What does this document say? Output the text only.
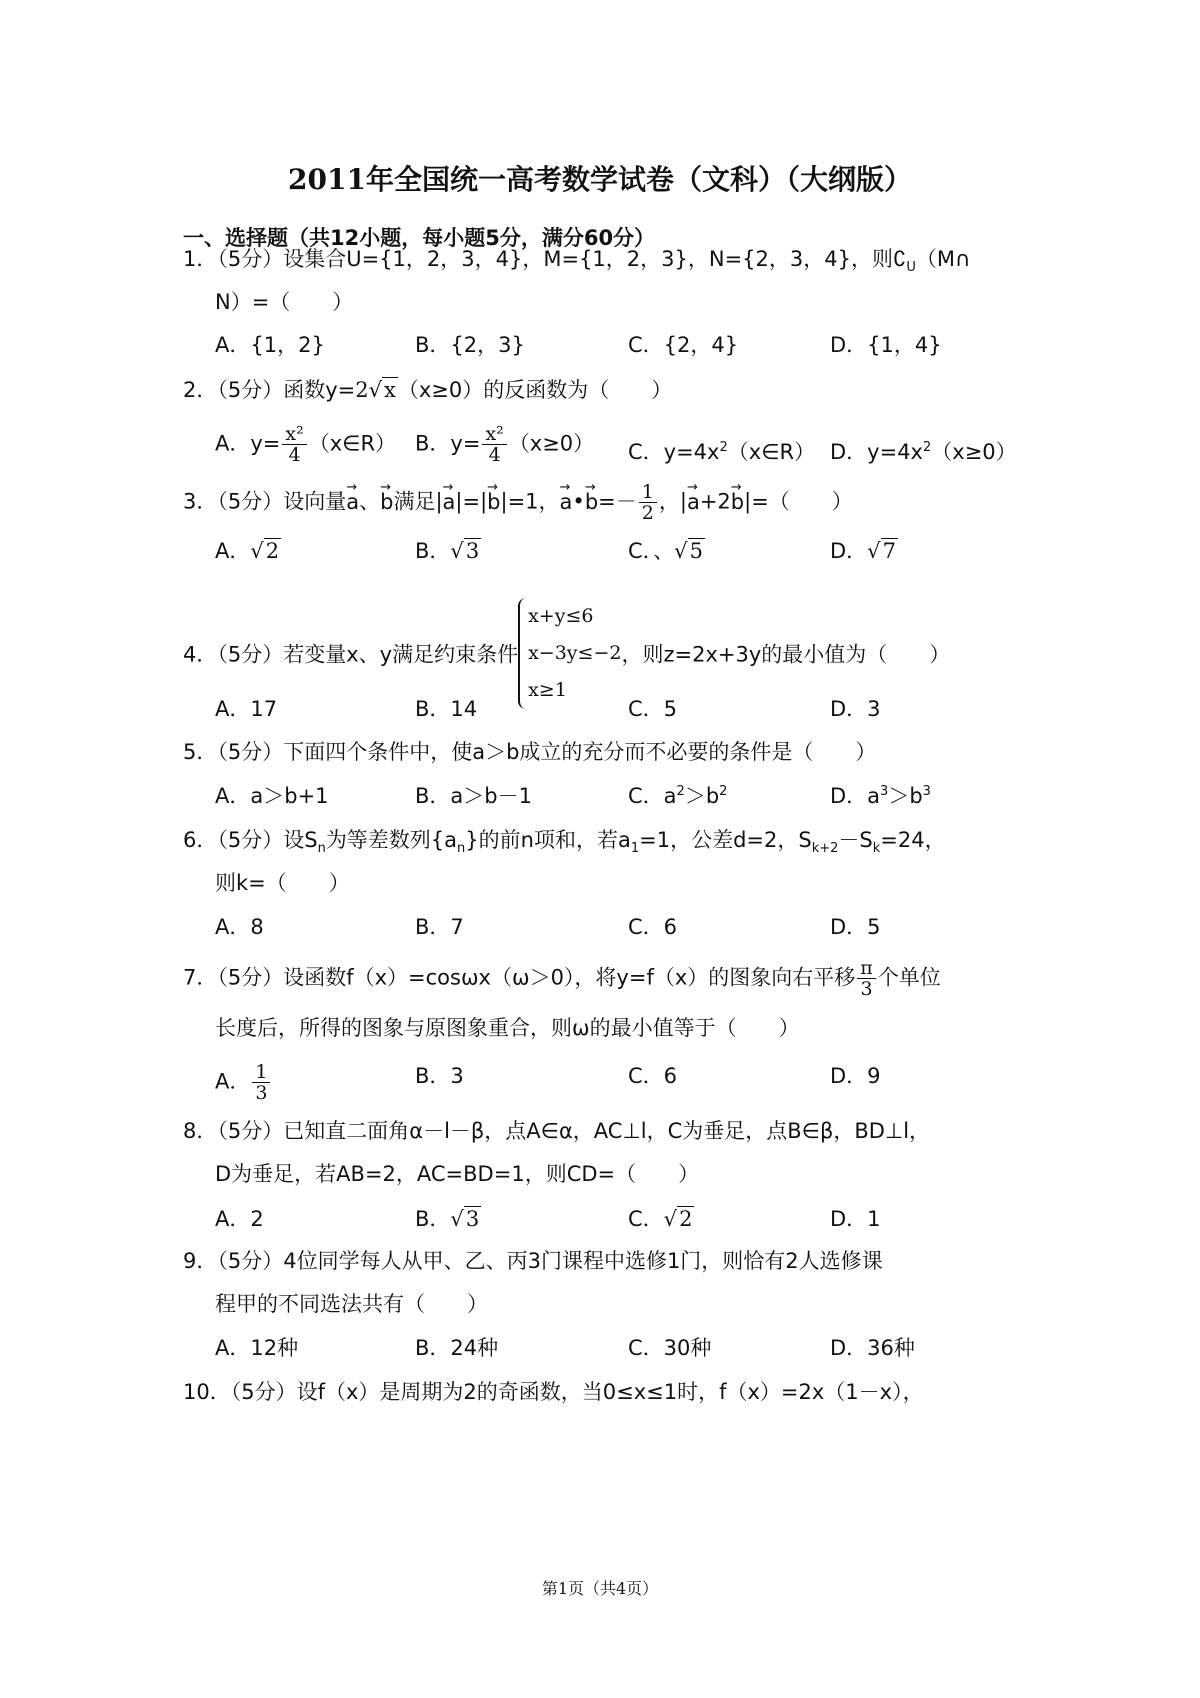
2011年全国统一高考数学试卷（文科）（大纲版）
一、选择题（共12小题，每小题5分，满分60分）
1．（5分）设集合U={1，2，3，4}，M={1，2，3}，N={2，3，4}，则$∁_U(M\cap$
N）=（　　）
A．{1，2}	B．{2，3}	C．{2，4}	D．{1，4}
2．（5分）函数y=2√x（x≥0）的反函数为（　　）
A．$y= \frac{\text{x²}}{4}$ （x∈R） B．$y= \frac{\text{x²}}{4} (x\ge 0)$ C．$y=4x^2(x\in R)$ D．$y=4x^2(x\ge 0)$
3．（5分）设向量→ a、→ b满足|→ a|=|→ b|=1，→ a•→ $b=- \frac{1}{2}$ ，|→ a+2→ b|=（　　）
A．√2	B．√3	C．、√5	D．√7
4．（5分）若变量x、y满足约束条件
x+y≤6
x−3y≤−2
x≥1
，则z=2x+3y的最小值为（　　）
A．17	B．14	C．5	D．3
5．（5分）下面四个条件中，使a＞b成立的充分而不必要的条件是（　　）
A．a＞b+1	B．a＞b－1	C．$a^2>b^2$	D．$a^3>b^3$
6．（5分）设$S_n$为等差数列$\{a_n\}$的前n项和，若$a_1=1$，公差d=2，$S_{k+2}-S_k=24$，
则k=（　　）
A．8	B．7	C．6	D．5
7．（5分）设函数f（x）=cosωx（ω＞0），将y=f（x）的图象向右平移 $\frac{\pi}{3}$ 个单位
长度后，所得的图象与原图象重合，则ω的最小值等于（　　）
A． $\frac{1}{3}$	B．3	C．6	D．9
8．（5分）已知直二面角α－l－β，点A∈α，AC⊥l，C为垂足，点B∈β，BD⊥l，
D为垂足，若AB=2，AC=BD=1，则CD=（　　）
A．2	B．√3	C．√2	D．1
9．（5分）4位同学每人从甲、乙、丙3门课程中选修1门，则恰有2人选修课
程甲的不同选法共有（　　）
A．12种	B．24种	C．30种	D．36种
10．（5分）设f（x）是周期为2的奇函数，当0≤x≤1时，f（x）=2x（1－x），
第1页（共4页）
